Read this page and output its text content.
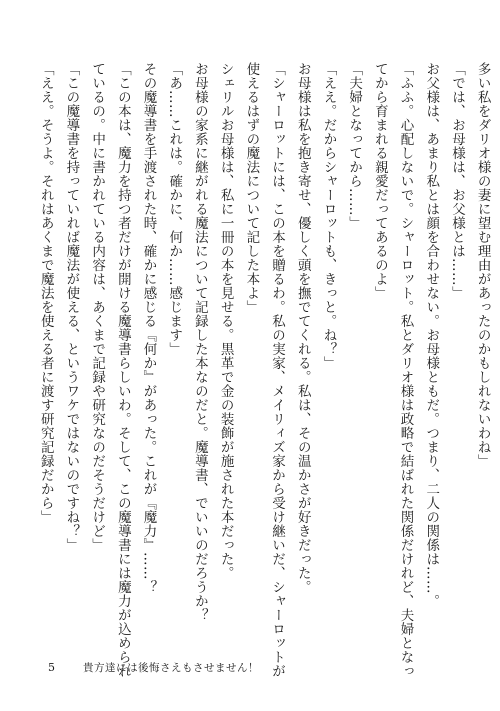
多い私をダリオ様の妻に望む理由があったのかもしれないわね」

「では、お母様は、お父様とは……」

お父様は、あまり私とは顔を合わせない。お母様ともだ。つまり、二人の関係は……。

「ふふ。心配しないで。シャーロット。私とダリオ様は政略で結ばれた関係だけれど、夫婦となっ

てから育まれる親愛だってあるのよ」

「夫婦となってから……」

「ええ。だからシャーロットも、きっと。ね？」

お母様は私を抱き寄せ、優しく頭を撫でてくれる。私は、その温かさが好きだった。

「シャーロットには、この本を贈るわ。私の実家、メイリィズ家から受け継いだ、シャーロットが

使えるはずの魔法について記した本よ」

シェリルお母様は、私に一冊の本を見せる。黒革で金の装飾が施された本だった。

お母様の家系に継がれる魔法について記録した本なのだと。魔導書、でいいのだろうか？

「あ……これは。確かに、何か……感じます」

その魔導書を手渡された時、確かに感じる『何か』があった。これが『魔力』……？

「この本は、魔力を持つ者だけが開ける魔導書らしいわ。そして、この魔導書には魔力が込められ

ているの。中に書かれている内容は、あくまで記録や研究なのだそうだけど」

「この魔導書を持っていれば魔法が使える、というワケではないのですね？」

「ええ。そうよ。それはあくまで魔法を使える者に渡す研究記録だから」

5	貴方達には後悔さえもさせません！
